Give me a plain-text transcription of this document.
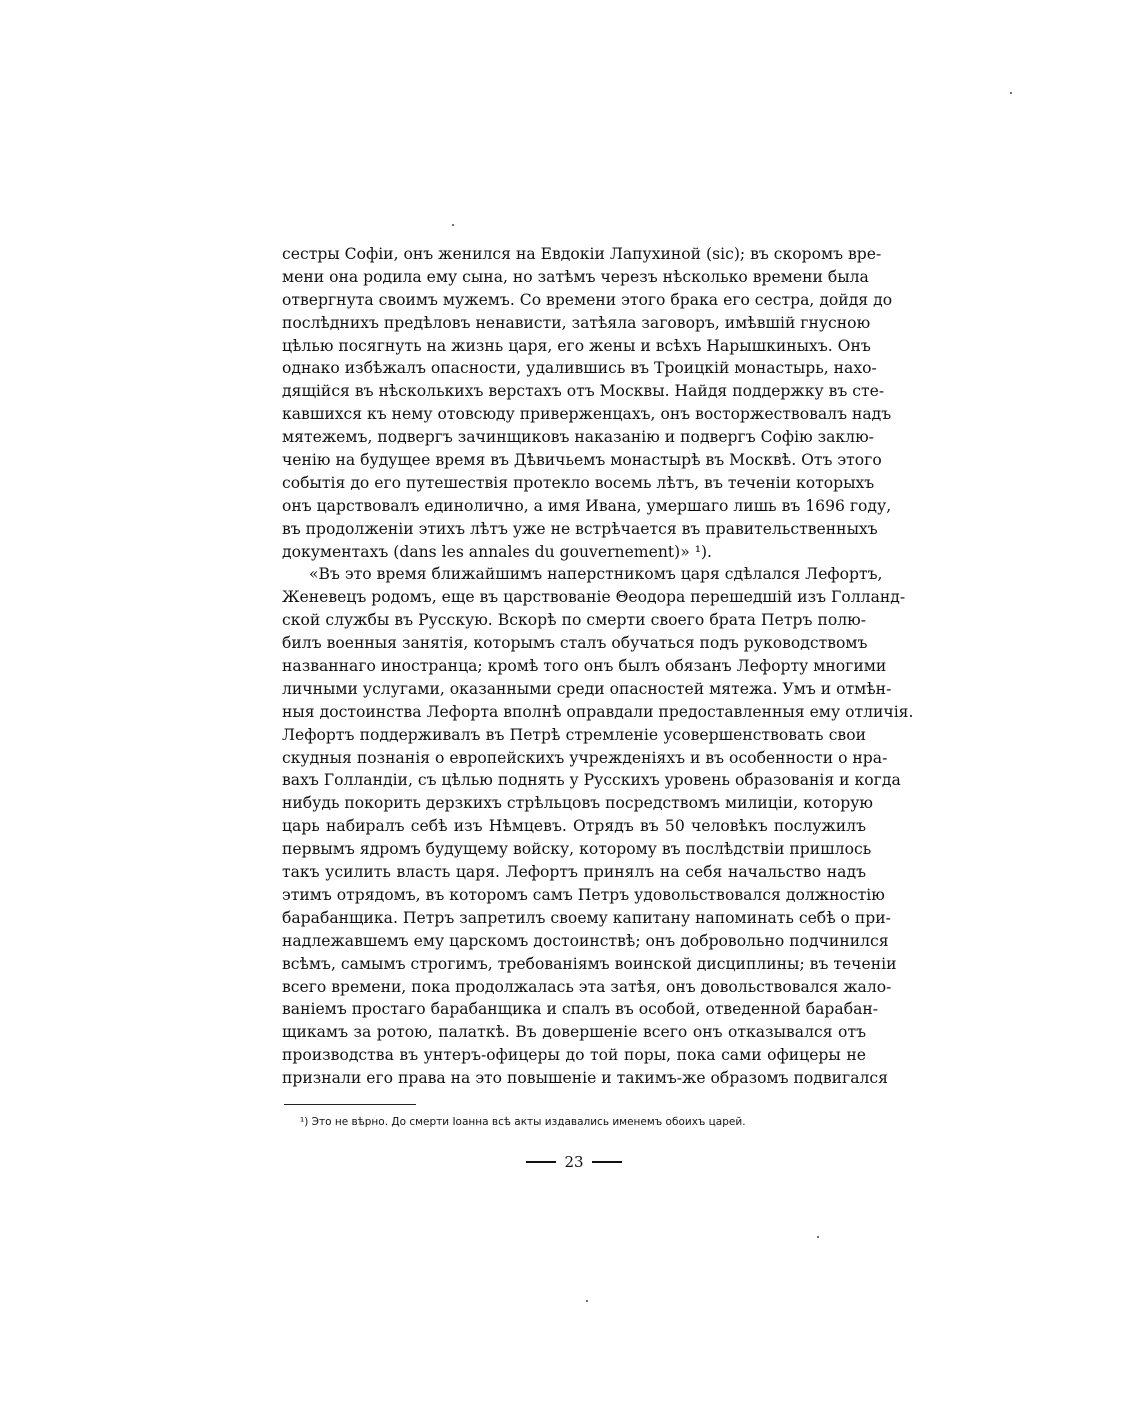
сестры Софіи, онъ женился на Евдокіи Лапухиной (sic); въ скоромъ вре-
мени она родила ему сына, но затѣмъ черезъ нѣсколько времени была
отвергнута своимъ мужемъ. Со времени этого брака его сестра, дойдя до
послѣднихъ предѣловъ ненависти, затѣяла заговоръ, имѣвшій гнусною
цѣлью посягнуть на жизнь царя, его жены и всѣхъ Нарышкиныхъ. Онъ
однако избѣжалъ опасности, удалившись въ Троицкій монастырь, нахо-
дящійся въ нѣсколькихъ верстахъ отъ Москвы. Найдя поддержку въ сте-
кавшихся къ нему отовсюду приверженцахъ, онъ восторжествовалъ надъ
мятежемъ, подвергъ зачинщиковъ наказанію и подвергъ Софію заклю-
ченію на будущее время въ Дѣвичьемъ монастырѣ въ Москвѣ. Отъ этого
событія до его путешествія протекло восемь лѣтъ, въ теченіи которыхъ
онъ царствовалъ единолично, а имя Ивана, умершаго лишь въ 1696 году,
въ продолженіи этихъ лѣтъ уже не встрѣчается въ правительственныхъ
документахъ (dans les annales du gouvernement)» ¹).
«Въ это время ближайшимъ наперстникомъ царя сдѣлался Лефортъ,
Женевецъ родомъ, еще въ царствованіе Θеодора перешедшій изъ Голланд-
ской службы въ Русскую. Вскорѣ по смерти своего брата Петръ полю-
билъ военныя занятія, которымъ сталъ обучаться подъ руководствомъ
названнаго иностранца; кромѣ того онъ былъ обязанъ Лефорту многими
личными услугами, оказанными среди опасностей мятежа. Умъ и отмѣн-
ныя достоинства Лефорта вполнѣ оправдали предоставленныя ему отличія.
Лефортъ поддерживалъ въ Петрѣ стремленіе усовершенствовать свои
скудныя познанія о европейскихъ учрежденіяхъ и въ особенности о нра-
вахъ Голландіи, съ цѣлью поднять у Русскихъ уровень образованія и когда
нибудь покорить дерзкихъ стрѣльцовъ посредствомъ милиціи, которую
царь набиралъ себѣ изъ Нѣмцевъ. Отрядъ въ 50 человѣкъ послужилъ
первымъ ядромъ будущему войску, которому въ послѣдствіи пришлось
такъ усилить власть царя. Лефортъ принялъ на себя начальство надъ
этимъ отрядомъ, въ которомъ самъ Петръ удовольствовался должностію
барабанщика. Петръ запретилъ своему капитану напоминать себѣ о при-
надлежавшемъ ему царскомъ достоинствѣ; онъ добровольно подчинился
всѣмъ, самымъ строгимъ, требованіямъ воинской дисциплины; въ теченіи
всего времени, пока продолжалась эта затѣя, онъ довольствовался жало-
ваніемъ простаго барабанщика и спалъ въ особой, отведенной барабан-
щикамъ за ротою, палаткѣ. Въ довершеніе всего онъ отказывался отъ
производства въ унтеръ-офицеры до той поры, пока сами офицеры не
признали его права на это повышеніе и такимъ-же образомъ подвигался
¹) Это не вѣрно. До смерти Іоанна всѣ акты издавались именемъ обоихъ царей.
23
